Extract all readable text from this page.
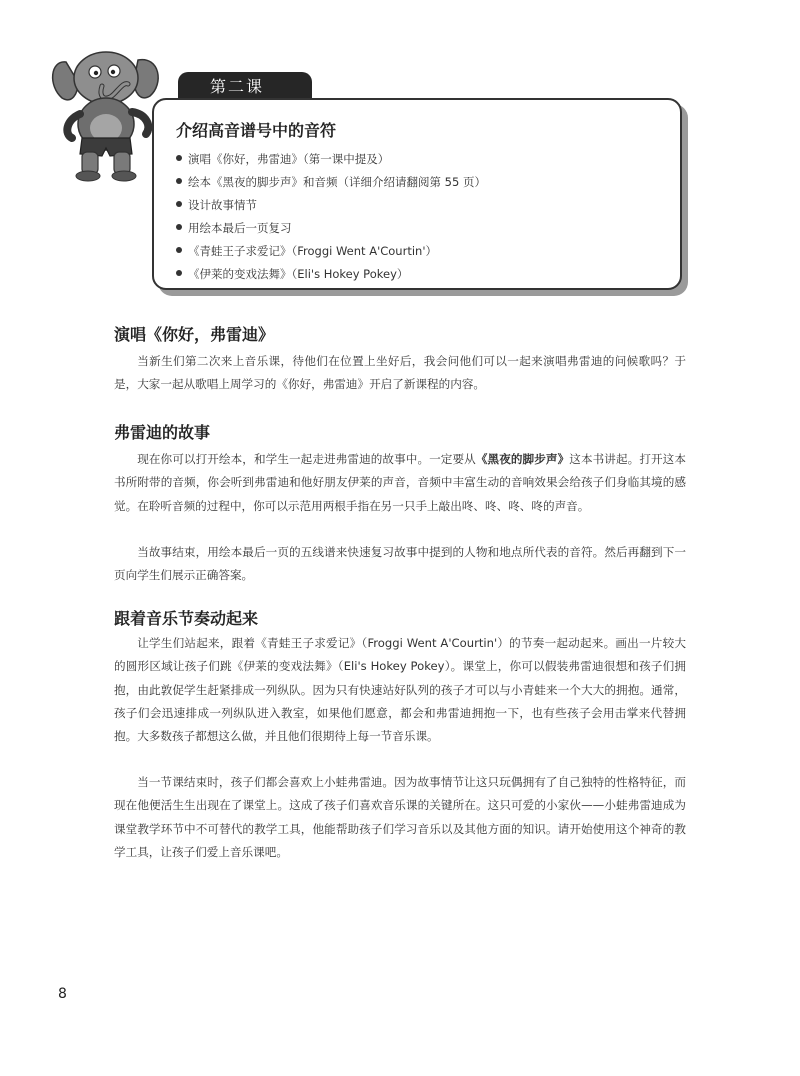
第二课
介绍高音谱号中的音符
演唱《你好，弗雷迪》（第一课中提及）
绘本《黑夜的脚步声》和音频（详细介绍请翻阅第 55 页）
设计故事情节
用绘本最后一页复习
《青蛙王子求爱记》（Froggi Went A'Courtin'）
《伊莱的变戏法舞》（Eli's Hokey Pokey）
演唱《你好，弗雷迪》

当新生们第二次来上音乐课，待他们在位置上坐好后，我会问他们可以一起来演唱弗雷迪的问候歌吗？于是，大家一起从歌唱上周学习的《你好，弗雷迪》开启了新课程的内容。

弗雷迪的故事

现在你可以打开绘本，和学生一起走进弗雷迪的故事中。一定要从《黑夜的脚步声》这本书讲起。打开这本书所附带的音频，你会听到弗雷迪和他好朋友伊莱的声音，音频中丰富生动的音响效果会给孩子们身临其境的感觉。在聆听音频的过程中，你可以示范用两根手指在另一只手上敲出咚、咚、咚、咚的声音。

当故事结束，用绘本最后一页的五线谱来快速复习故事中提到的人物和地点所代表的音符。然后再翻到下一页向学生们展示正确答案。

跟着音乐节奏动起来

让学生们站起来，跟着《青蛙王子求爱记》（Froggi Went A'Courtin'）的节奏一起动起来。画出一片较大的圆形区域让孩子们跳《伊莱的变戏法舞》（Eli's Hokey Pokey）。课堂上，你可以假装弗雷迪很想和孩子们拥抱，由此敦促学生赶紧排成一列纵队。因为只有快速站好队列的孩子才可以与小青蛙来一个大大的拥抱。通常，孩子们会迅速排成一列纵队进入教室，如果他们愿意，都会和弗雷迪拥抱一下，也有些孩子会用击掌来代替拥抱。大多数孩子都想这么做，并且他们很期待上每一节音乐课。

当一节课结束时，孩子们都会喜欢上小蛙弗雷迪。因为故事情节让这只玩偶拥有了自己独特的性格特征，而现在他便活生生出现在了课堂上。这成了孩子们喜欢音乐课的关键所在。这只可爱的小家伙——小蛙弗雷迪成为课堂教学环节中不可替代的教学工具，他能帮助孩子们学习音乐以及其他方面的知识。请开始使用这个神奇的教学工具，让孩子们爱上音乐课吧。

8
